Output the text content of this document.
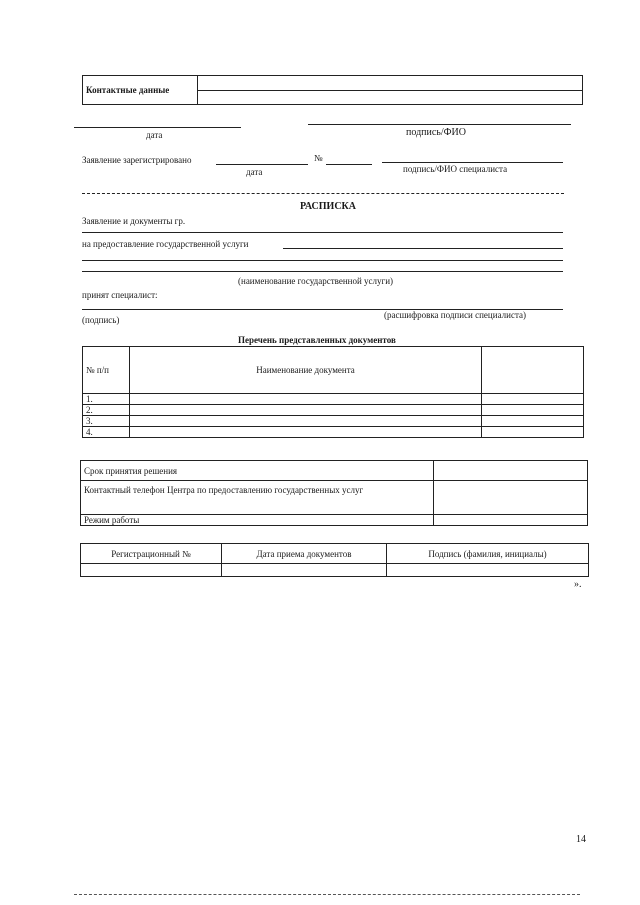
Контактные данные	

дата	подпись/ФИО
Заявление зарегистрировано	№
дата	подпись/ФИО специалиста
РАСПИСКА
Заявление и документы гр.
на предоставление государственной услуги
(наименование государственной услуги)
принят специалист:
(подпись)	(расшифровка подписи специалиста)
Перечень представленных документов
№ п/п	Наименование документа	
1.		
2.		
3.		
4.		
Срок принятия решения	
Контактный телефон Центра по предоставлению государственных услуг	
Режим работы	
Регистрационный №	Дата приема документов	Подпись (фамилия, инициалы)

».
14
